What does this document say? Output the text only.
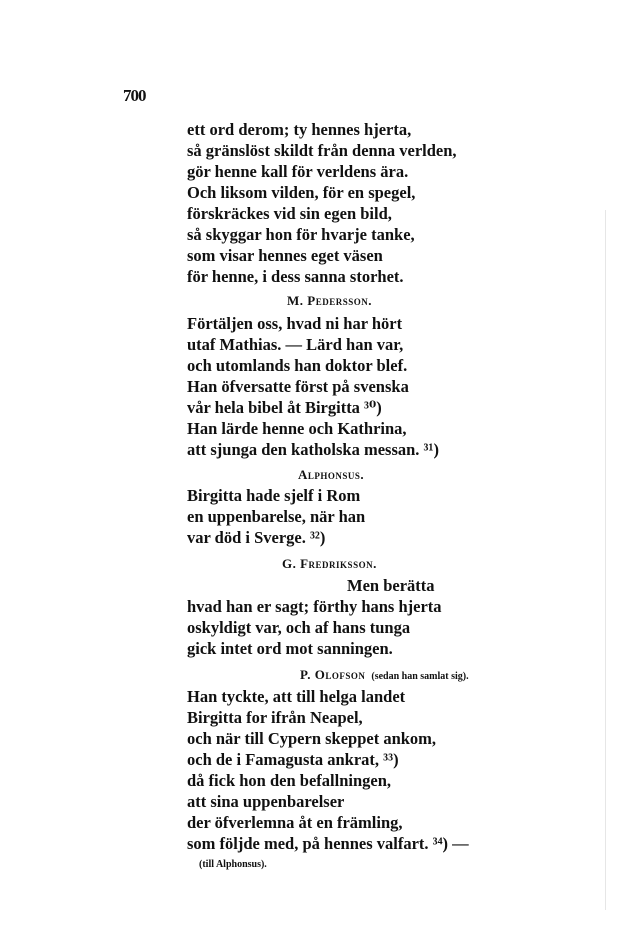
700
ett ord derom; ty hennes hjerta,
så gränslöst skildt från denna verlden,
gör henne kall för verldens ära.
Och liksom vilden, för en spegel,
förskräckes vid sin egen bild,
så skyggar hon för hvarje tanke,
som visar hennes eget väsen
för henne, i dess sanna storhet.
M. Pedersson.
Förtäljen oss, hvad ni har hört
utaf Mathias. — Lärd han var,
och utomlands han doktor blef.
Han öfversatte först på svenska
vår hela bibel åt Birgitta ³⁰)
Han lärde henne och Kathrina,
att sjunga den katholska messan. ³¹)
Alphonsus.
Birgitta hade sjelf i Rom
en uppenbarelse, när han
var död i Sverge. ³²)
G. Fredriksson.
Men berätta
hvad han er sagt; förthy hans hjerta
oskyldigt var, och af hans tunga
gick intet ord mot sanningen.
P. Olofson (sedan han samlat sig).
Han tyckte, att till helga landet
Birgitta for ifrån Neapel,
och när till Cypern skeppet ankom,
och de i Famagusta ankrat, ³³)
då fick hon den befallningen,
att sina uppenbarelser
der öfverlemna åt en främling,
som följde med, på hennes valfart. ³⁴) —
(till Alphonsus).
